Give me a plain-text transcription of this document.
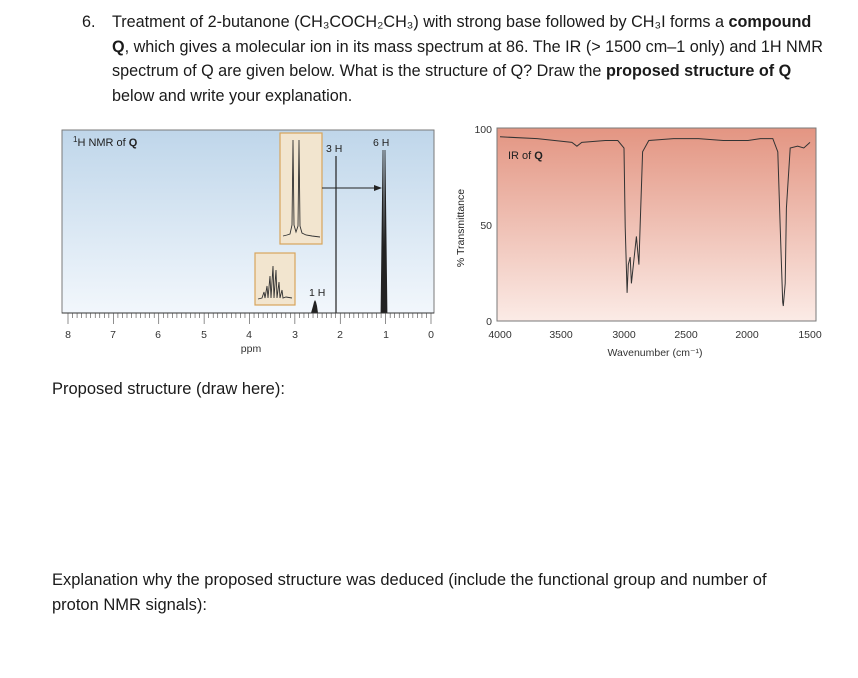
6. Treatment of 2-butanone (CH₃COCH₂CH₃) with strong base followed by CH₃I forms a compound Q, which gives a molecular ion in its mass spectrum at 86. The IR (> 1500 cm–1 only) and 1H NMR spectrum of Q are given below. What is the structure of Q? Draw the proposed structure of Q below and write your explanation.
$^1$H NMR of Q	3 H	6 H
1 H
8	7	6	5	4	3	2	1	0
ppm
IR of Q
% Transmittance
100
50
0
4000	3500	3000	2500	2000	1500
Wavenumber (cm⁻¹)
Proposed structure (draw here):
Explanation why the proposed structure was deduced (include the functional group and number of
proton NMR signals):
